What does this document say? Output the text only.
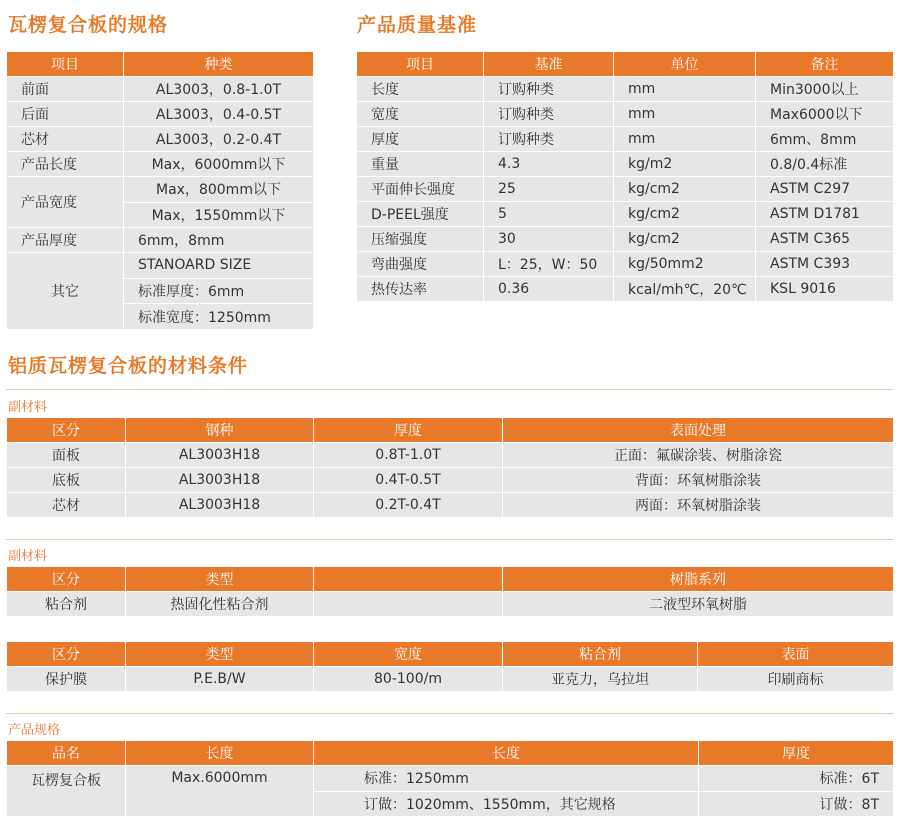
瓦楞复合板的规格
项目	种类
前面	AL3003，0.8-1.0T
后面	AL3003，0.4-0.5T
芯材	AL3003，0.2-0.4T
产品长度	Max，6000mm以下
产品宽度	Max，800mm以下
	Max，1550mm以下
产品厚度	6mm，8mm
其它	STANOARD SIZE
	标准厚度：6mm
	标准宽度：1250mm
产品质量基准
项目	基准	单位	备注
长度	订购种类	mm	Min3000以上
宽度	订购种类	mm	Max6000以下
厚度	订购种类	mm	6mm、8mm
重量	4.3	kg/m2	0.8/0.4标准
平面伸长强度	25	kg/cm2	ASTM C297
D-PEEL强度	5	kg/cm2	ASTM D1781
压缩强度	30	kg/cm2	ASTM C365
弯曲强度	L：25，W：50	kg/50mm2	ASTM C393
热传达率	0.36	kcal/mh℃，20℃	KSL 9016
铝质瓦楞复合板的材料条件
副材料
区分	钢种	厚度	表面处理
面板	AL3003H18	0.8T-1.0T	正面：氟碳涂装、树脂涂瓷
底板	AL3003H18	0.4T-0.5T	背面：环氧树脂涂装
芯材	AL3003H18	0.2T-0.4T	两面：环氧树脂涂装
副材料
区分	类型		树脂系列
粘合剂	热固化性粘合剂		二液型环氧树脂
区分	类型	宽度	粘合剂	表面
保护膜	P.E.B/W	80-100/m	亚克力，乌拉坦	印刷商标
产品规格
品名	长度	长度	厚度
瓦楞复合板	Max.6000mm	标准：1250mm	标准：6T
		订做：1020mm、1550mm，其它规格	订做：8T
